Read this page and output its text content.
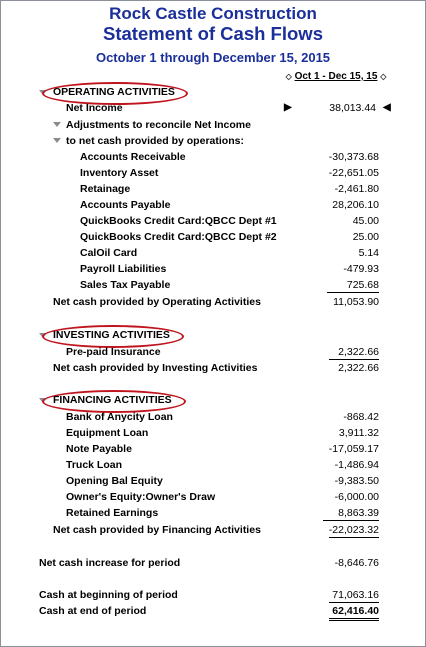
Rock Castle Construction
Statement of Cash Flows
October 1 through December 15, 2015
◇ Oct 1 - Dec 15, 15 ◇
OPERATING ACTIVITIES
Net Income	▶	38,013.44 ◀
Adjustments to reconcile Net Income
to net cash provided by operations:
Accounts Receivable	-30,373.68
Inventory Asset	-22,651.05
Retainage	-2,461.80
Accounts Payable	28,206.10
QuickBooks Credit Card:QBCC Dept #1	45.00
QuickBooks Credit Card:QBCC Dept #2	25.00
CalOil Card	5.14
Payroll Liabilities	-479.93
Sales Tax Payable	725.68
Net cash provided by Operating Activities	11,053.90
INVESTING ACTIVITIES
Pre-paid Insurance	2,322.66
Net cash provided by Investing Activities	2,322.66
FINANCING ACTIVITIES
Bank of Anycity Loan	-868.42
Equipment Loan	3,911.32
Note Payable	-17,059.17
Truck Loan	-1,486.94
Opening Bal Equity	-9,383.50
Owner's Equity:Owner's Draw	-6,000.00
Retained Earnings	8,863.39
Net cash provided by Financing Activities	-22,023.32
Net cash increase for period	-8,646.76
Cash at beginning of period	71,063.16
Cash at end of period	62,416.40
